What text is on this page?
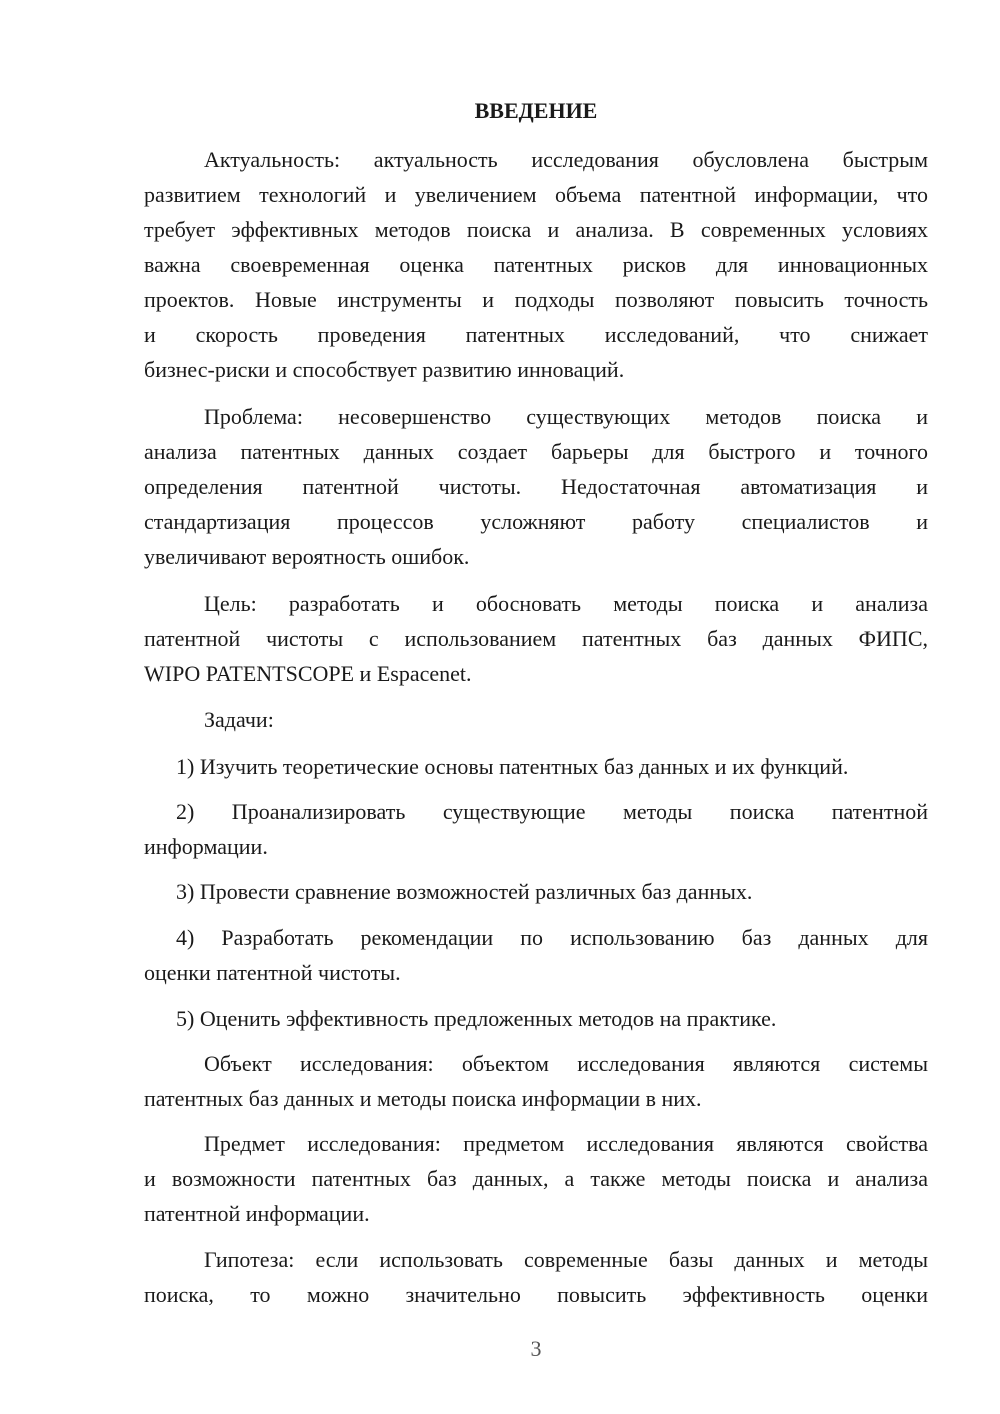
ВВЕДЕНИЕ
Актуальность: актуальность исследования обусловлена быстрым
развитием технологий и увеличением объема патентной информации, что
требует эффективных методов поиска и анализа. В современных условиях
важна своевременная оценка патентных рисков для инновационных
проектов. Новые инструменты и подходы позволяют повысить точность
и скорость проведения патентных исследований, что снижает
бизнес-риски и способствует развитию инноваций.
Проблема: несовершенство существующих методов поиска и
анализа патентных данных создает барьеры для быстрого и точного
определения патентной чистоты. Недостаточная автоматизация и
стандартизация процессов усложняют работу специалистов и
увеличивают вероятность ошибок.
Цель: разработать и обосновать методы поиска и анализа
патентной чистоты с использованием патентных баз данных ФИПС,
WIPO PATENTSCOPE и Espacenet.
Задачи:
1) Изучить теоретические основы патентных баз данных и их функций.
2) Проанализировать существующие методы поиска патентной
информации.
3) Провести сравнение возможностей различных баз данных.
4) Разработать рекомендации по использованию баз данных для
оценки патентной чистоты.
5) Оценить эффективность предложенных методов на практике.
Объект исследования: объектом исследования являются системы
патентных баз данных и методы поиска информации в них.
Предмет исследования: предметом исследования являются свойства
и возможности патентных баз данных, а также методы поиска и анализа
патентной информации.
Гипотеза: если использовать современные базы данных и методы
поиска, то можно значительно повысить эффективность оценки
3
